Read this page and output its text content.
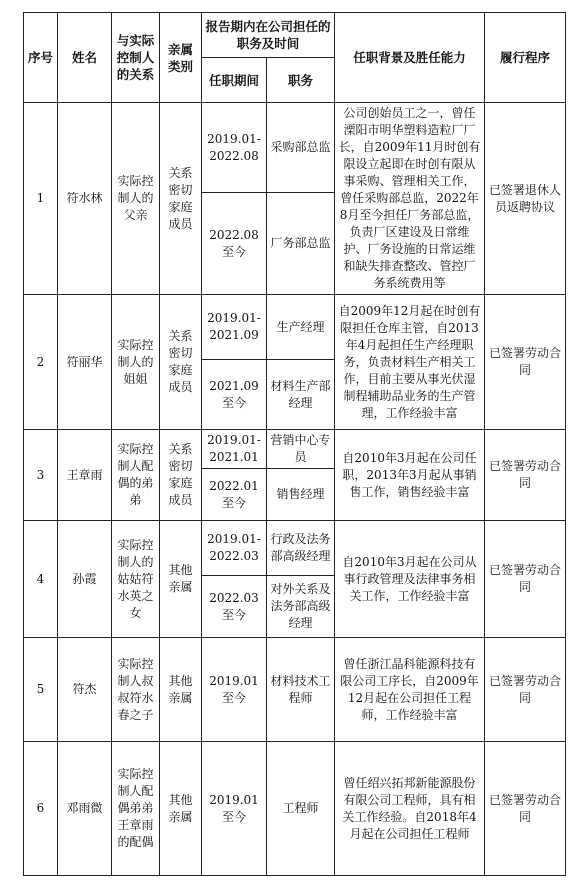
序号	姓名	与实际控制人的关系	亲属类别	报告期内在公司担任的职务及时间		任职背景及胜任能力	履行程序
				任职期间	职务		
1	符水林	实际控制人的父亲	关系密切家庭成员	2019.01-2022.08	采购部总监	公司创始员工之一，曾任溧阳市明华塑料造粒厂厂长，自2009年11月时创有限设立起即在时创有限从事采购、管理相关工作，曾任采购部总监，2022年8月至今担任厂务部总监，负责厂区建设及日常维护、厂务设施的日常运维和缺失排查整改、管控厂务系统费用等	已签署退休人员返聘协议
				2022.08至今	厂务部总监		
2	符丽华	实际控制人的姐姐	关系密切家庭成员	2019.01-2021.09	生产经理	自2009年12月起在时创有限担任仓库主管，自2013年4月起担任生产经理职务，负责材料生产相关工作，目前主要从事光伏湿制程辅助品业务的生产管理，工作经验丰富	已签署劳动合同
				2021.09至今	材料生产部经理		
3	王章雨	实际控制人配偶的弟弟	关系密切家庭成员	2019.01-2021.01	营销中心专员	自2010年3月起在公司任职，2013年3月起从事销售工作，销售经验丰富	已签署劳动合同
				2022.01至今	销售经理		
4	孙霞	实际控制人的姑姑符水英之女	其他亲属	2019.01-2022.03	行政及法务部高级经理	自2010年3月起在公司从事行政管理及法律事务相关工作，工作经验丰富	已签署劳动合同
				2022.03至今	对外关系及法务部高级经理		
5	符杰	实际控制人叔叔符水春之子	其他亲属	2019.01至今	材料技术工程师	曾任浙江晶科能源科技有限公司工序长，自2009年12月起在公司担任工程师，工作经验丰富	已签署劳动合同
6	邓雨微	实际控制人配偶弟弟王章雨的配偶	其他亲属	2019.01至今	工程师	曾任绍兴拓邦新能源股份有限公司工程师，具有相关工作经验。自2018年4月起在公司担任工程师	已签署劳动合同
